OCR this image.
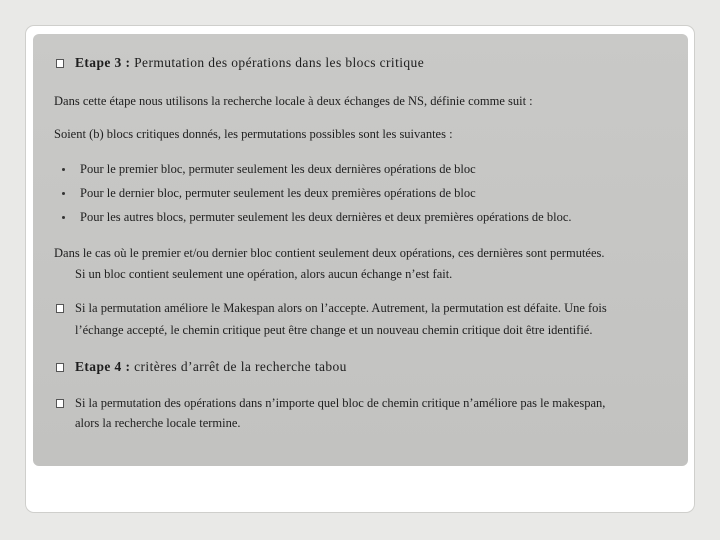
Etape 3 : Permutation des opérations dans les blocs critique
Dans cette étape nous utilisons la recherche locale à deux échanges de NS, définie comme suit :
Soient (b) blocs critiques donnés, les permutations possibles sont les suivantes :
Pour le premier bloc, permuter seulement les deux dernières opérations de bloc
Pour le dernier bloc, permuter seulement les deux premières opérations de bloc
Pour les autres blocs, permuter seulement les deux dernières et deux premières opérations de bloc.
Dans le cas où le premier et/ou dernier bloc contient seulement deux opérations, ces dernières sont permutées.
Si un bloc contient seulement une opération, alors aucun échange n’est fait.
Si la permutation améliore le Makespan alors on l’accepte. Autrement, la permutation est défaite. Une fois
l’échange accepté, le chemin critique peut être change et un nouveau chemin critique doit être identifié.
Etape 4 : critères d’arrêt de la recherche tabou
Si la permutation des opérations dans n’importe quel bloc de chemin critique n’améliore pas le makespan,
alors la recherche locale termine.
